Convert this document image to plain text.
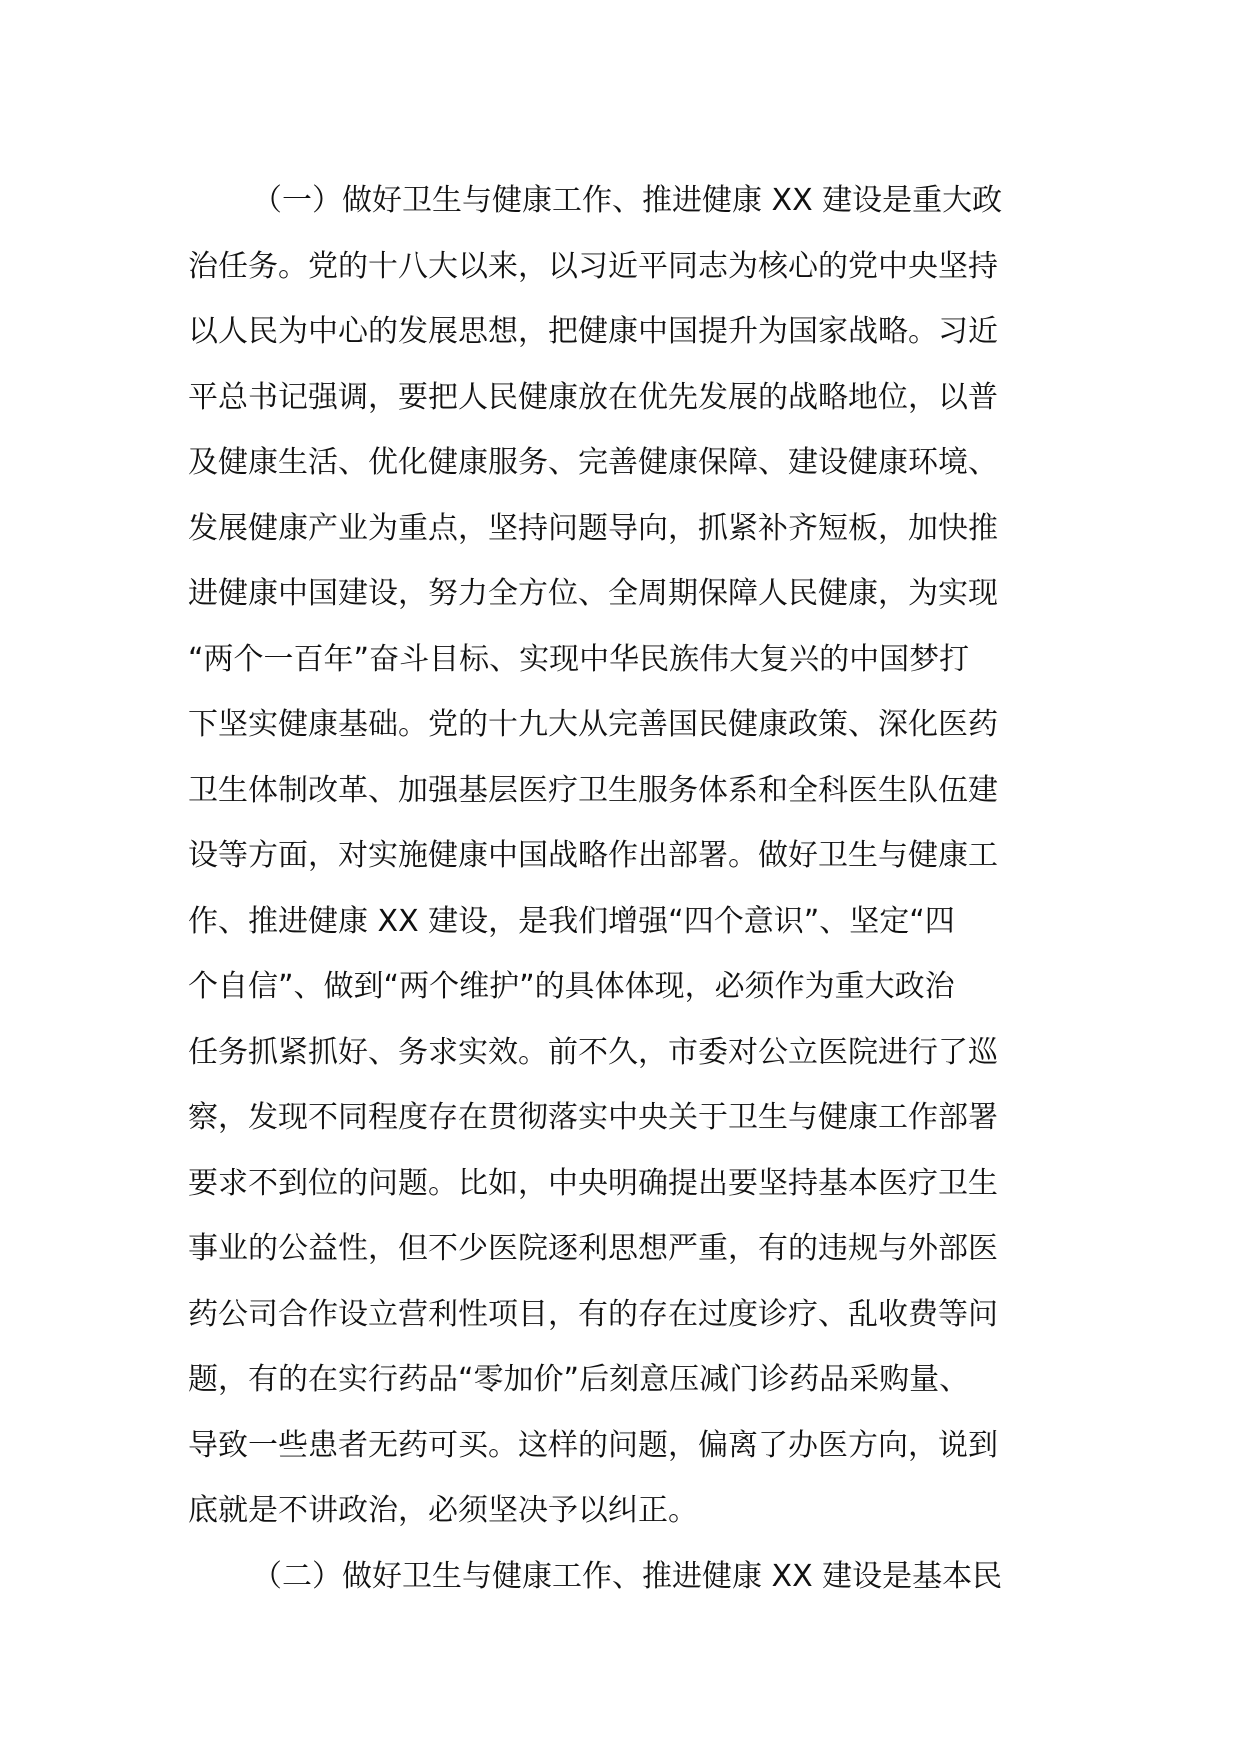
（一）做好卫生与健康工作、推进健康 XX 建设是重大政
治任务。党的十八大以来，以习近平同志为核心的党中央坚持
以人民为中心的发展思想，把健康中国提升为国家战略。习近
平总书记强调，要把人民健康放在优先发展的战略地位，以普
及健康生活、优化健康服务、完善健康保障、建设健康环境、
发展健康产业为重点，坚持问题导向，抓紧补齐短板，加快推
进健康中国建设，努力全方位、全周期保障人民健康，为实现
“两个一百年”奋斗目标、实现中华民族伟大复兴的中国梦打
下坚实健康基础。党的十九大从完善国民健康政策、深化医药
卫生体制改革、加强基层医疗卫生服务体系和全科医生队伍建
设等方面，对实施健康中国战略作出部署。做好卫生与健康工
作、推进健康 XX 建设，是我们增强“四个意识”、坚定“四
个自信”、做到“两个维护”的具体体现，必须作为重大政治
任务抓紧抓好、务求实效。前不久，市委对公立医院进行了巡
察，发现不同程度存在贯彻落实中央关于卫生与健康工作部署
要求不到位的问题。比如，中央明确提出要坚持基本医疗卫生
事业的公益性，但不少医院逐利思想严重，有的违规与外部医
药公司合作设立营利性项目，有的存在过度诊疗、乱收费等问
题，有的在实行药品“零加价”后刻意压减门诊药品采购量、
导致一些患者无药可买。这样的问题，偏离了办医方向，说到
底就是不讲政治，必须坚决予以纠正。
（二）做好卫生与健康工作、推进健康 XX 建设是基本民
